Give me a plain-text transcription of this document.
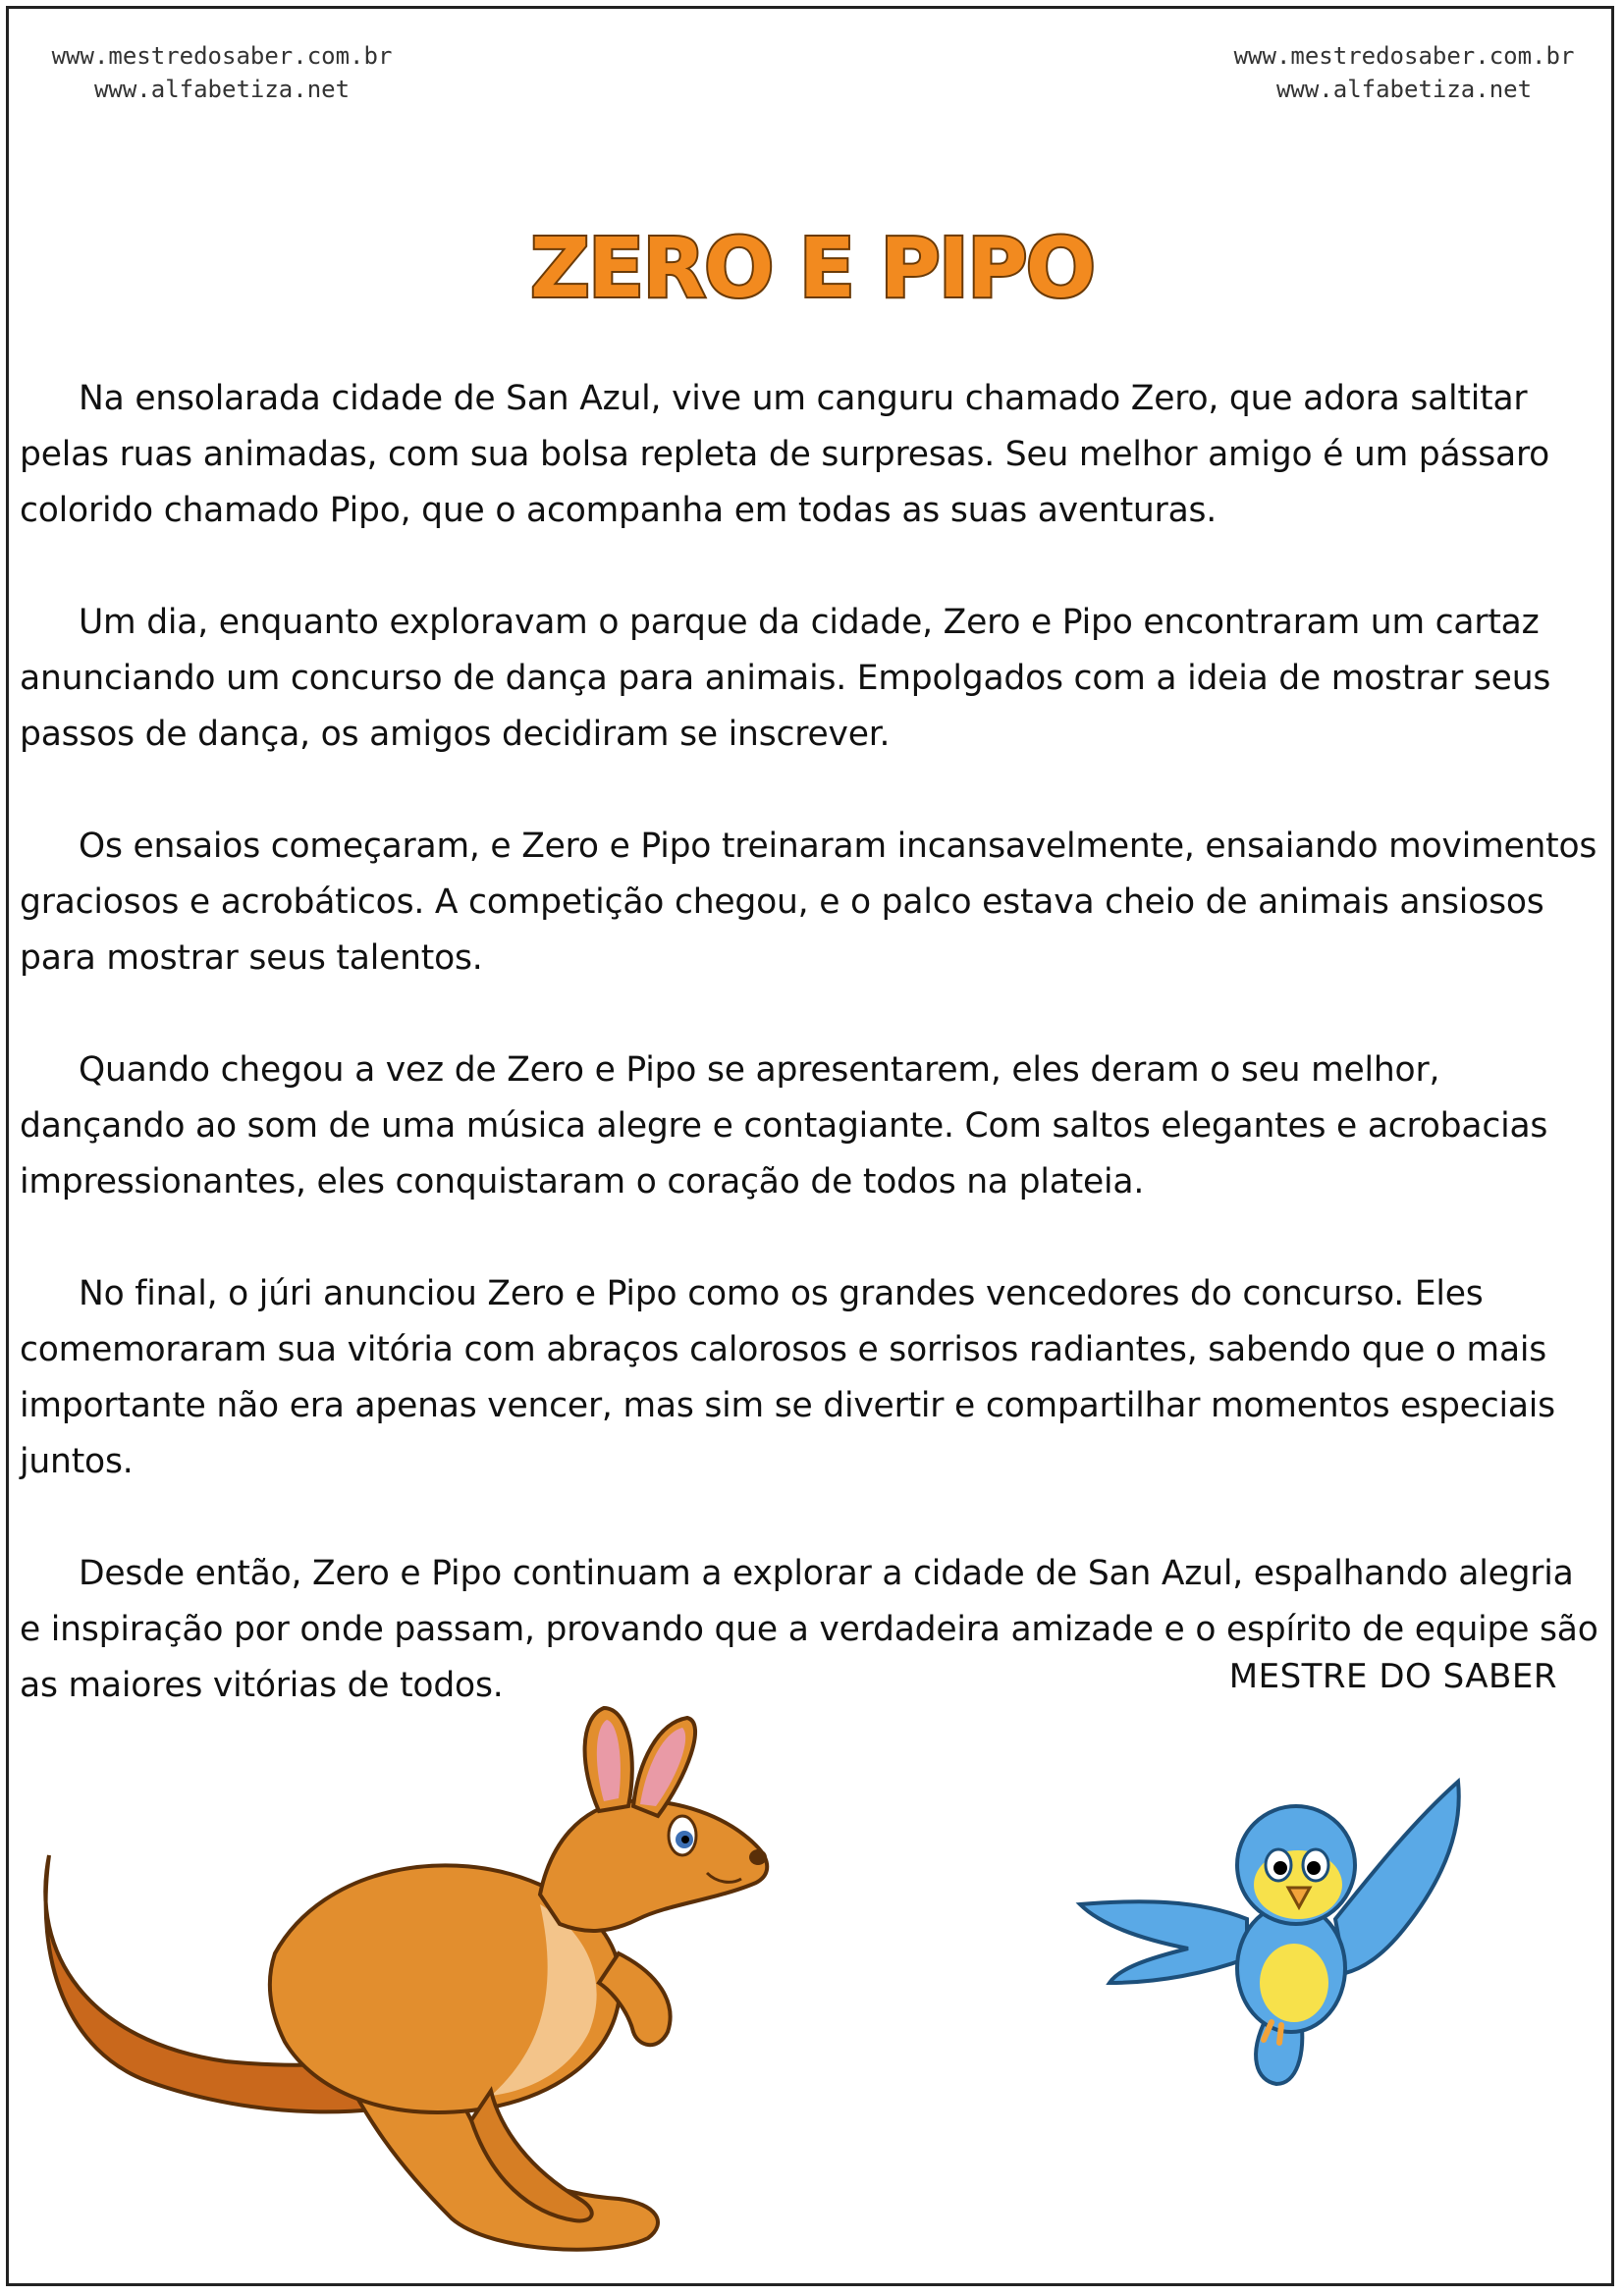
www.mestredosaber.com.br
www.alfabetiza.net
www.mestredosaber.com.br
www.alfabetiza.net
ZERO E PIPO

Na ensolarada cidade de San Azul, vive um canguru chamado Zero, que adora saltitar pelas ruas animadas, com sua bolsa repleta de surpresas. Seu melhor amigo é um pássaro colorido chamado Pipo, que o acompanha em todas as suas aventuras.

Um dia, enquanto exploravam o parque da cidade, Zero e Pipo encontraram um cartaz anunciando um concurso de dança para animais. Empolgados com a ideia de mostrar seus passos de dança, os amigos decidiram se inscrever.

Os ensaios começaram, e Zero e Pipo treinaram incansavelmente, ensaiando movimentos graciosos e acrobáticos. A competição chegou, e o palco estava cheio de animais ansiosos para mostrar seus talentos.

Quando chegou a vez de Zero e Pipo se apresentarem, eles deram o seu melhor, dançando ao som de uma música alegre e contagiante. Com saltos elegantes e acrobacias impressionantes, eles conquistaram o coração de todos na plateia.

No final, o júri anunciou Zero e Pipo como os grandes vencedores do concurso. Eles comemoraram sua vitória com abraços calorosos e sorrisos radiantes, sabendo que o mais importante não era apenas vencer, mas sim se divertir e compartilhar momentos especiais juntos.

Desde então, Zero e Pipo continuam a explorar a cidade de San Azul, espalhando alegria e inspiração por onde passam, provando que a verdadeira amizade e o espírito de equipe são as maiores vitórias de todos.	MESTRE DO SABER
